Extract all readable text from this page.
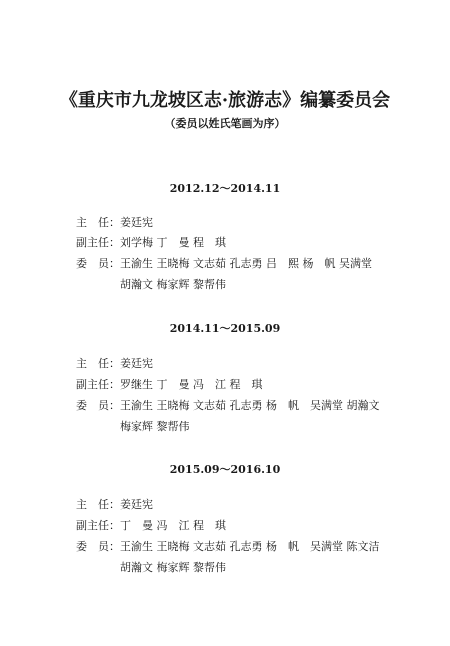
《重庆市九龙坡区志·旅游志》编纂委员会
（委员以姓氏笔画为序）
2012.12～2014.11
主　任：姜廷宪
副主任：刘学梅 丁　曼 程　琪
委　员：王渝生 王晓梅 文志茹 孔志勇 吕　熙 杨　帆 吴满堂
胡瀚文 梅家辉 黎帮伟
2014.11～2015.09
主　任：姜廷宪
副主任：罗继生 丁　曼 冯　江 程　琪
委　员：王渝生 王晓梅 文志茹 孔志勇 杨　帆　吴满堂 胡瀚文
梅家辉 黎帮伟
2015.09～2016.10
主　任：姜廷宪
副主任：丁　曼 冯　江 程　琪
委　员：王渝生 王晓梅 文志茹 孔志勇 杨　帆　吴满堂 陈文洁
胡瀚文 梅家辉 黎帮伟
